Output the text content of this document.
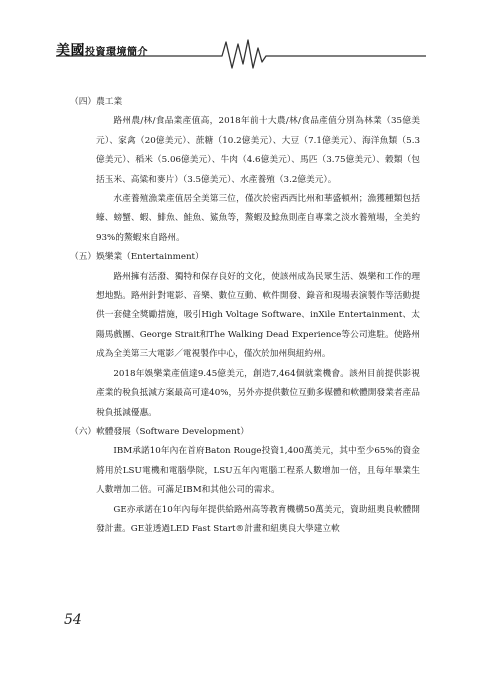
美國投資環境簡介

（四）農工業

路州農/林/食品業產值高，2018年前十大農/林/食品產值分別為林業（35億美元）、家禽（20億美元）、蔗糖（10.2億美元）、大豆（7.1億美元）、海洋魚類（5.3億美元）、稻米（5.06億美元）、牛肉（4.6億美元）、馬匹（3.75億美元）、穀類（包括玉米、高粱和麥片）（3.5億美元）、水產養殖（3.2億美元）。

水產養殖漁業產值居全美第三位，僅次於密西西比州和華盛頓州；漁獲種類包括蠔、螃蟹、蝦、鯡魚、鮭魚、鯊魚等，鰲蝦及鯰魚則產自專業之淡水養殖場，全美約93%的鰲蝦來自路州。

（五）娛樂業（Entertainment）

路州擁有活潑、獨特和保存良好的文化，使該州成為民眾生活、娛樂和工作的理想地點。路州針對電影、音樂、數位互動、軟件開發、錄音和現場表演製作等活動提供一套健全獎勵措施，吸引High Voltage Software、inXile Entertainment、太陽馬戲團、George Strait和The Walking Dead Experience等公司進駐。使路州成為全美第三大電影／電視製作中心，僅次於加州與紐約州。

2018年娛樂業產值達9.45億美元，創造7,464個就業機會。該州目前提供影視產業的稅負抵減方案最高可達40%，另外亦提供數位互動多媒體和軟體開發業者產品稅負抵減優惠。

（六）軟體發展（Software Development）

IBM承諾10年內在首府Baton Rouge投資1,400萬美元，其中至少65%的資金將用於LSU電機和電腦學院，LSU五年內電腦工程系人數增加一倍，且每年畢業生人數增加二倍。可滿足IBM和其他公司的需求。

GE亦承諾在10年內每年提供給路州高等教育機構50萬美元，資助紐奧良軟體開發計畫。GE並透過LED Fast Start®計畫和紐奧良大學建立軟

54
